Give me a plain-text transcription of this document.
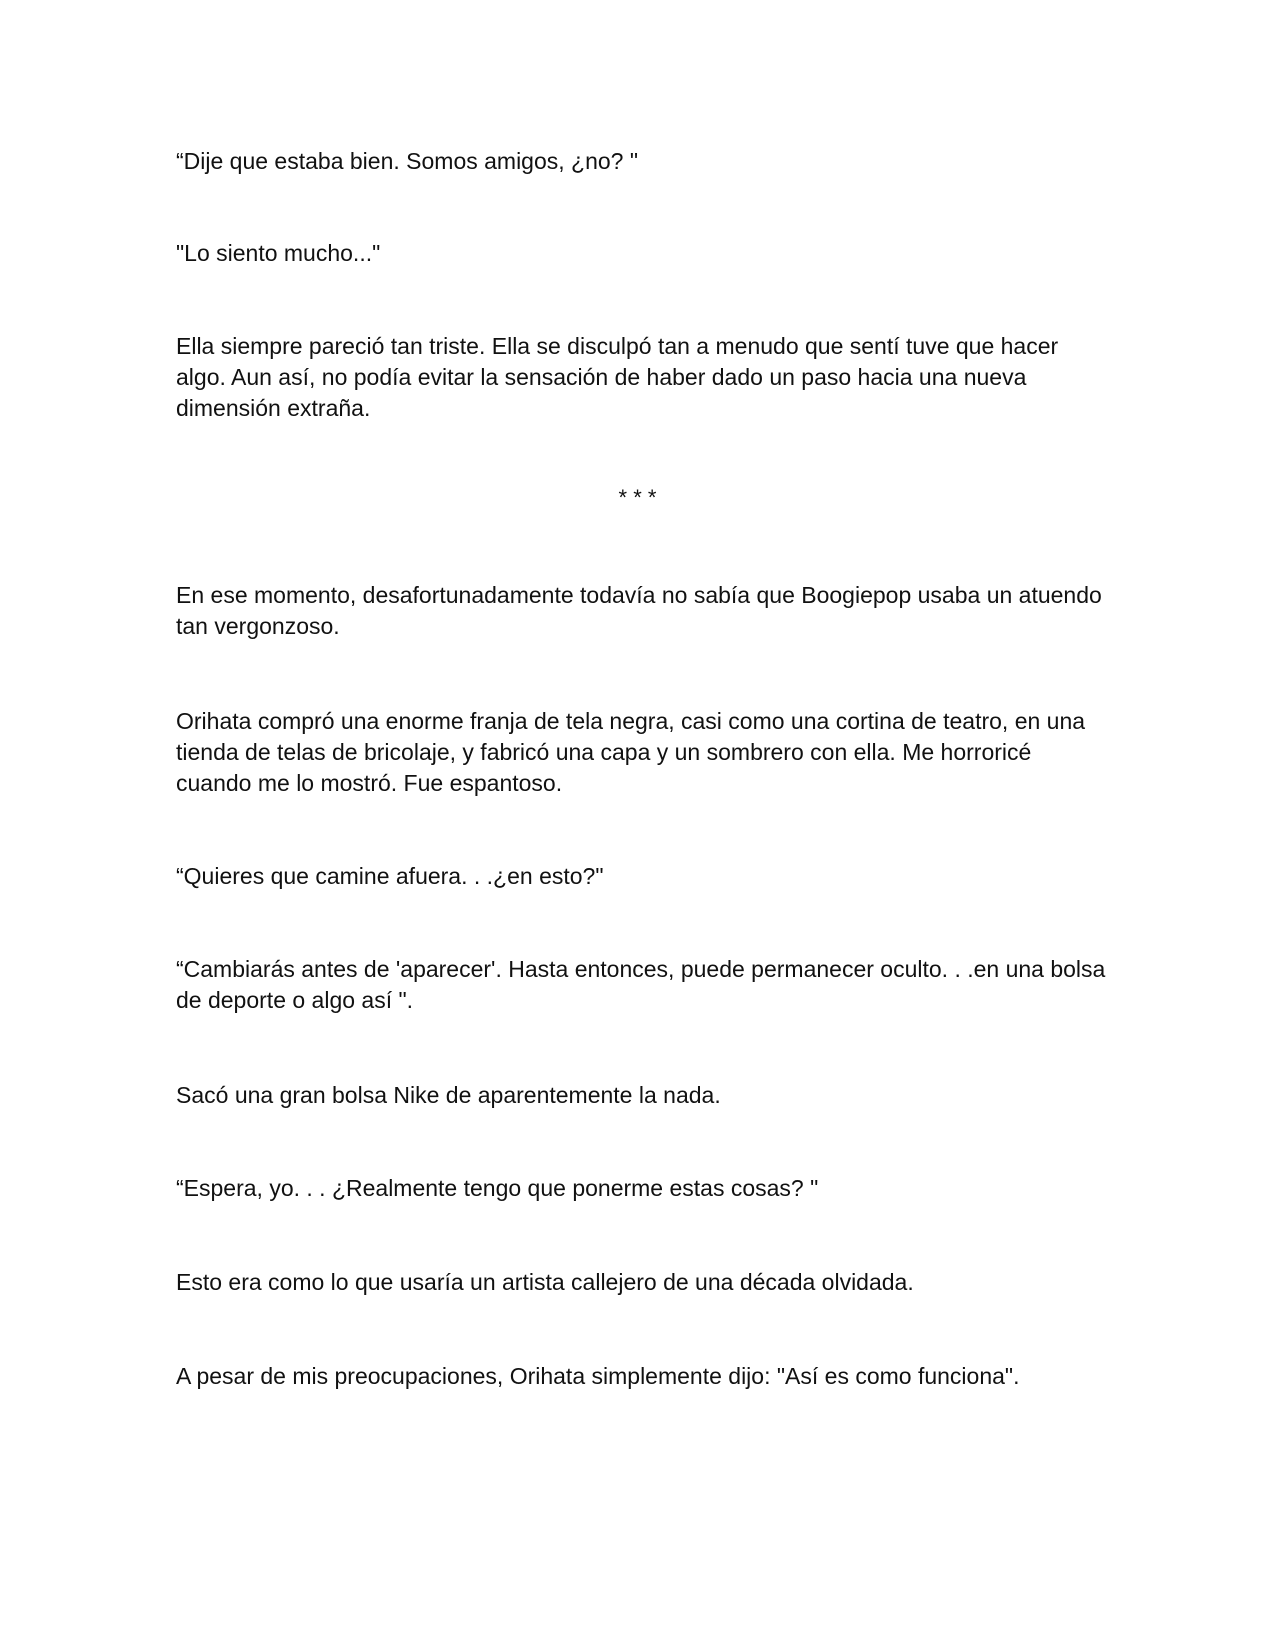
“Dije que estaba bien. Somos amigos, ¿no? "

"Lo siento mucho..."

Ella siempre pareció tan triste. Ella se disculpó tan a menudo que sentí tuve que hacer algo. Aun así, no podía evitar la sensación de haber dado un paso hacia una nueva dimensión extraña.

* * *

En ese momento, desafortunadamente todavía no sabía que Boogiepop usaba un atuendo tan vergonzoso.

Orihata compró una enorme franja de tela negra, casi como una cortina de teatro, en una tienda de telas de bricolaje, y fabricó una capa y un sombrero con ella. Me horroricé cuando me lo mostró. Fue espantoso.

“Quieres que camine afuera. . .¿en esto?"

“Cambiarás antes de 'aparecer'. Hasta entonces, puede permanecer oculto. . .en una bolsa de deporte o algo así ".

Sacó una gran bolsa Nike de aparentemente la nada.

“Espera, yo. . . ¿Realmente tengo que ponerme estas cosas? "

Esto era como lo que usaría un artista callejero de una década olvidada.

A pesar de mis preocupaciones, Orihata simplemente dijo: "Así es como funciona".
